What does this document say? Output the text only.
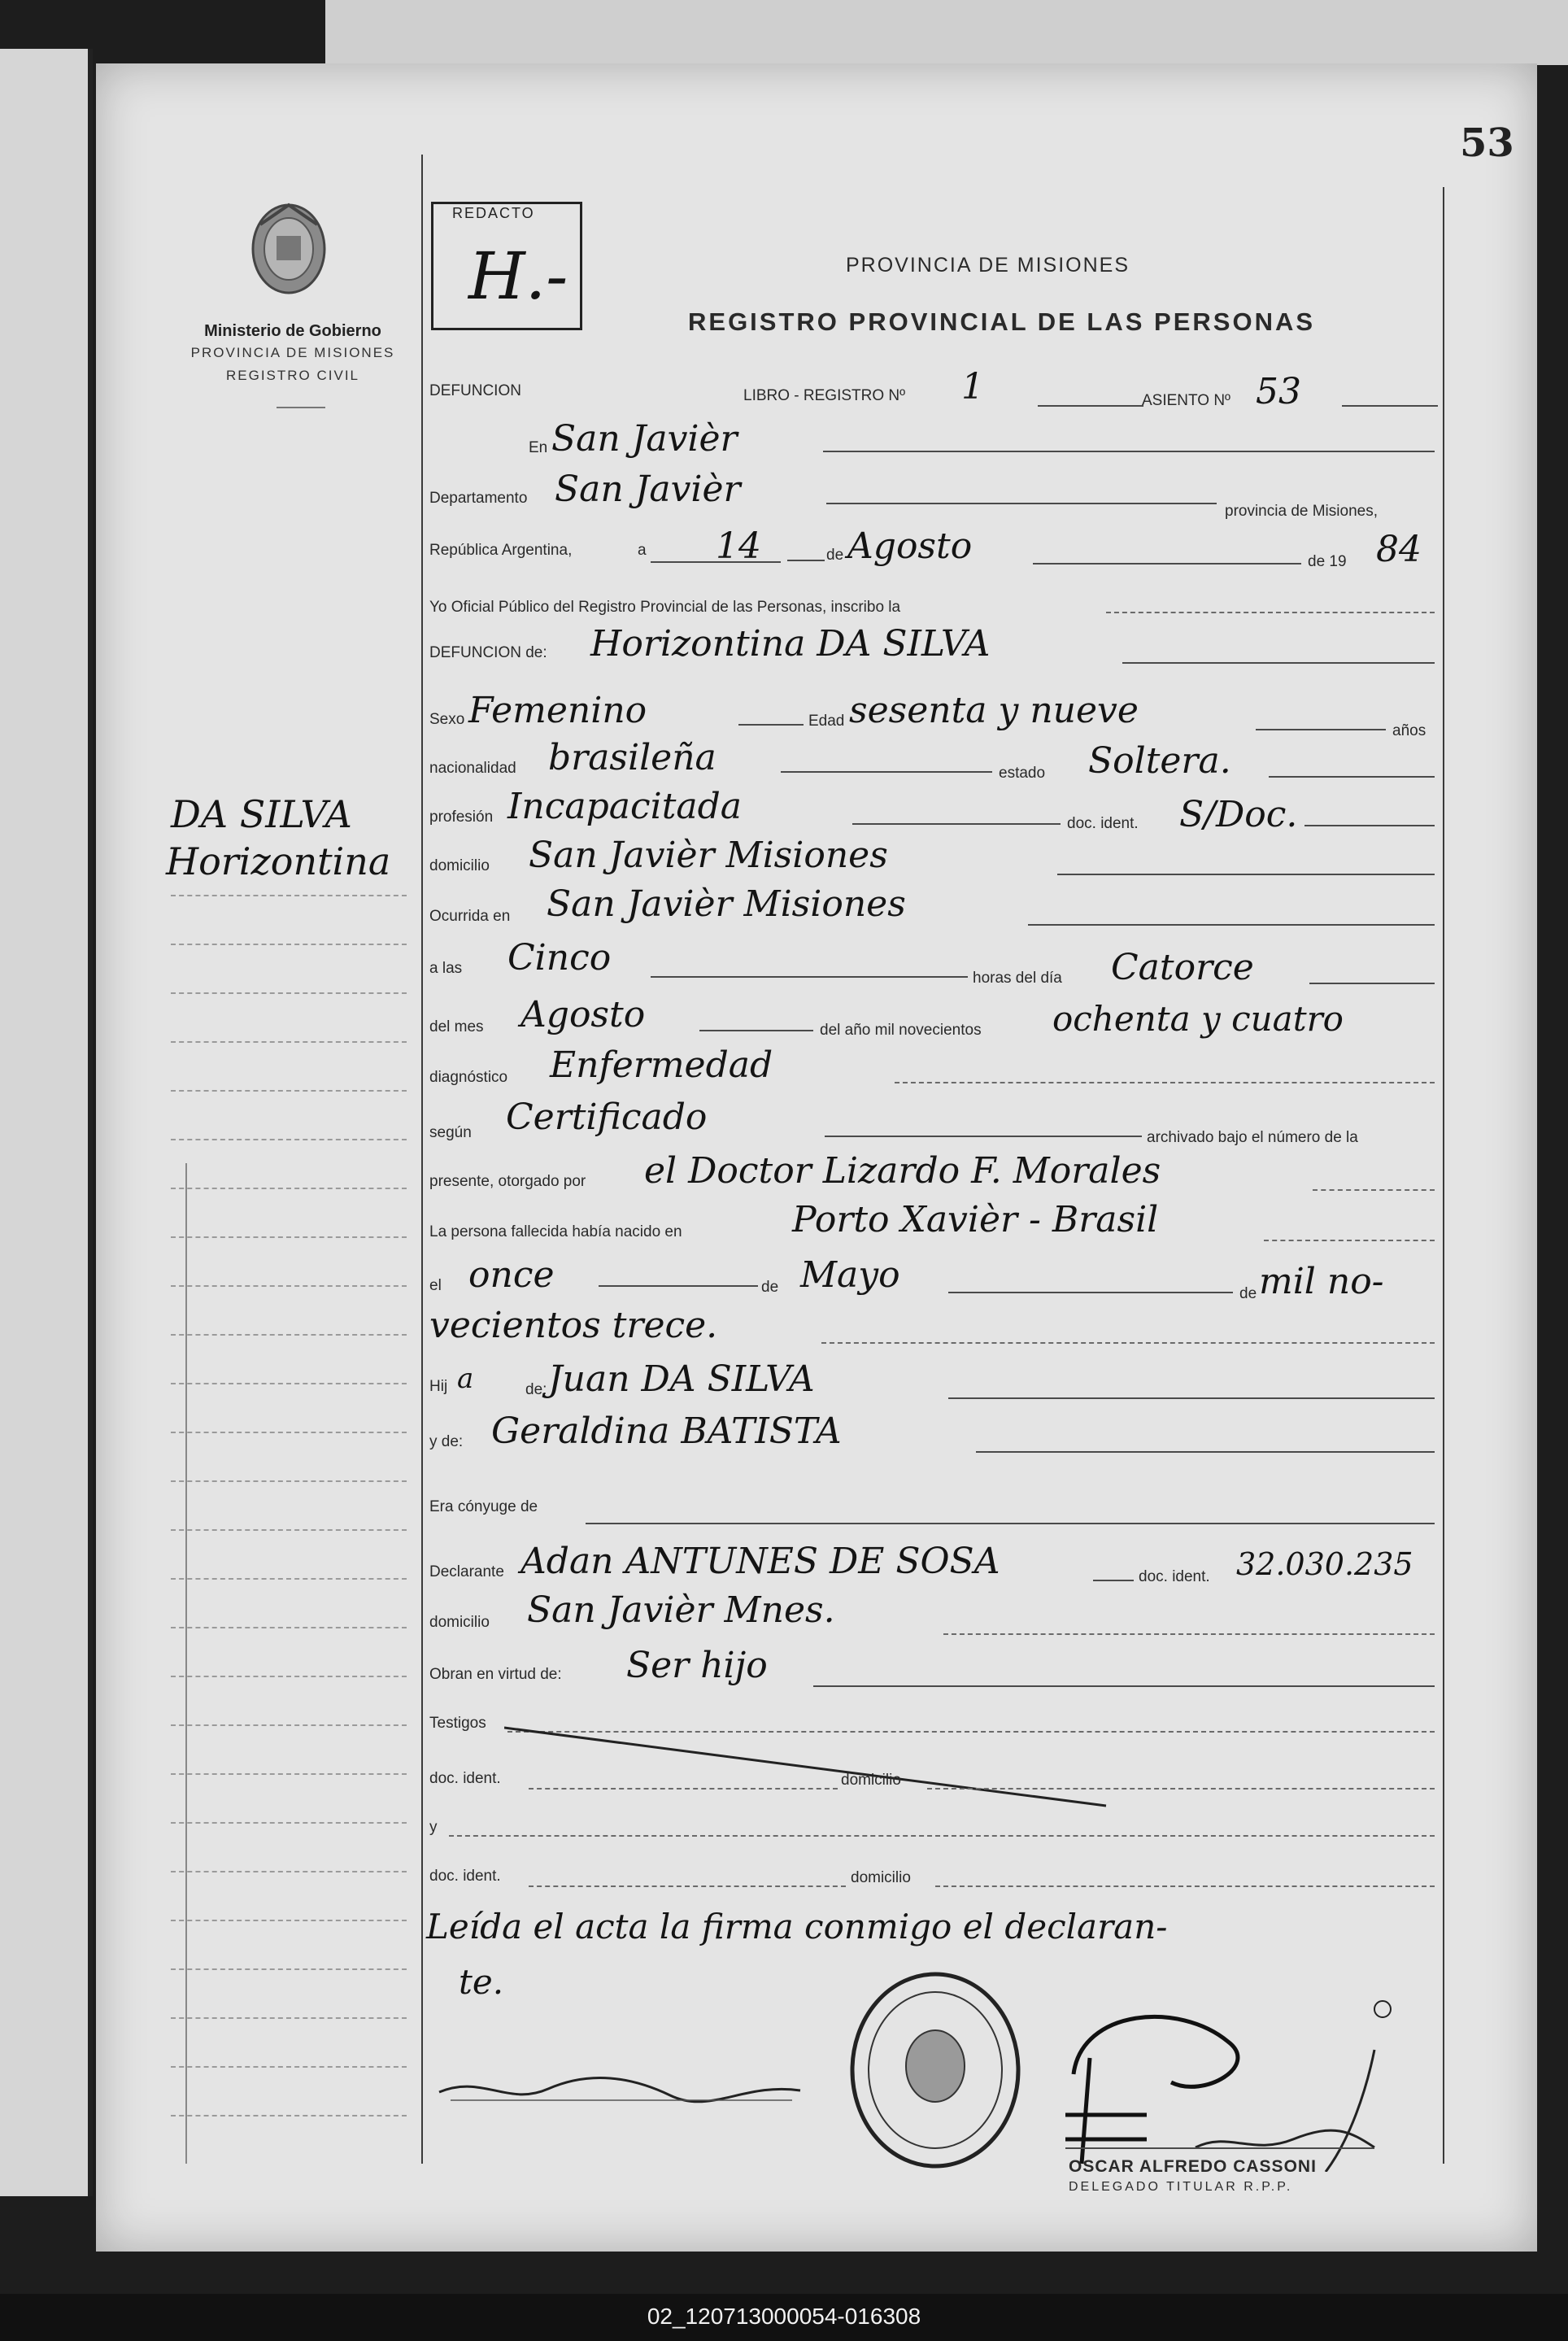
02_120713000054-016308
53
Ministerio de Gobierno
PROVINCIA DE MISIONES
REGISTRO CIVIL
REDACTO
H.-	PROVINCIA DE MISIONES
REGISTRO PROVINCIAL DE LAS PERSONAS
DA SILVA
Horizontina
DEFUNCION	LIBRO - REGISTRO Nº 1	ASIENTO Nº 53
En San Javièr
Departamento San Javièr
provincia de Misiones,
República Argentina,	a 14	de Agosto	de 19 84
Yo Oficial Público del Registro Provincial de las Personas, inscribo la
DEFUNCION de: Horizontina DA SILVA
Sexo Femenino	Edad sesenta y nueve	años
nacionalidad brasileña	estado Soltera.
profesión Incapacitada	doc. ident. S/Doc.
domicilio San Javièr Misiones
Ocurrida en San Javièr Misiones
a las Cinco	horas del día Catorce
del mes Agosto	del año mil novecientos ochenta y cuatro
diagnóstico Enfermedad
según Certificado	archivado bajo el número de la
presente, otorgado por el Doctor Lizardo F. Morales
La persona fallecida había nacido en	Porto Xavièr - Brasil
el once	de Mayo	de mil no-
vecientos trece.
Hij a	de: Juan DA SILVA
y de: Geraldina BATISTA
Era cónyuge de
Declarante Adan ANTUNES DE SOSA	doc. ident. 32.030.235
domicilio San Javièr Mnes.
Obran en virtud de: Ser hijo
Testigos
doc. ident.	domicilio
y
doc. ident.	domicilio
Leída el acta la firma conmigo el declaran-
te.
OSCAR ALFREDO CASSONI
DELEGADO TITULAR R.P.P.
